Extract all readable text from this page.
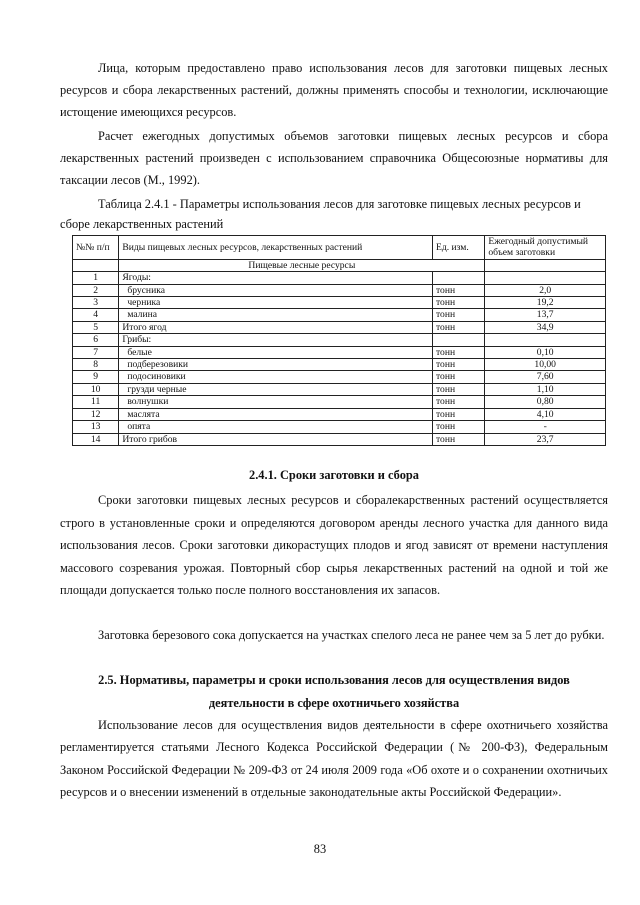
Лица, которым предоставлено право использования лесов для заготовки пищевых лесных ресурсов и сбора лекарственных растений, должны применять способы и технологии, исключающие истощение имеющихся ресурсов.

Расчет ежегодных допустимых объемов заготовки пищевых лесных ресурсов и сбора лекарственных растений произведен с использованием справочника Общесоюзные нормативы для таксации лесов (М., 1992).

Таблица 2.4.1 - Параметры использования лесов для заготовке пищевых лесных ресурсов и сборе лекарственных растений

№№ п/п	Виды пищевых лесных ресурсов, лекарственных растений	Ед. изм.	Ежегодный допустимый объем заготовки
	Пищевые лесные ресурсы		
1	Ягоды:		
2	брусника	тонн	2,0
3	черника	тонн	19,2
4	малина	тонн	13,7
5	Итого ягод	тонн	34,9
6	Грибы:		
7	белые	тонн	0,10
8	подберезовики	тонн	10,00
9	подосиновики	тонн	7,60
10	грузди черные	тонн	1,10
11	волнушки	тонн	0,80
12	маслята	тонн	4,10
13	опята	тонн	-
14	Итого грибов	тонн	23,7

2.4.1. Сроки заготовки и сбора

Сроки заготовки пищевых лесных ресурсов и сборалекарственных растений осуществляется строго в установленные сроки и определяются договором аренды лесного участка для данного вида использования лесов. Сроки заготовки дикорастущих плодов и ягод зависят от времени наступления массового созревания урожая. Повторный сбор сырья лекарственных растений на одной и той же площади допускается только после полного восстановления их запасов.

Заготовка березового сока допускается на участках спелого леса не ранее чем за 5 лет до рубки.

2.5. Нормативы, параметры и сроки использования лесов для осуществления видов

деятельности в сфере охотничьего хозяйства

Использование лесов для осуществления видов деятельности в сфере охотничьего хозяйства регламентируется статьями Лесного Кодекса Российской Федерации (№ 200-ФЗ), Федеральным Законом Российской Федерации № 209-ФЗ от 24 июля 2009 года «Об охоте и о сохранении охотничьих ресурсов и о внесении изменений в отдельные законодательные акты Российской Федерации».

83
